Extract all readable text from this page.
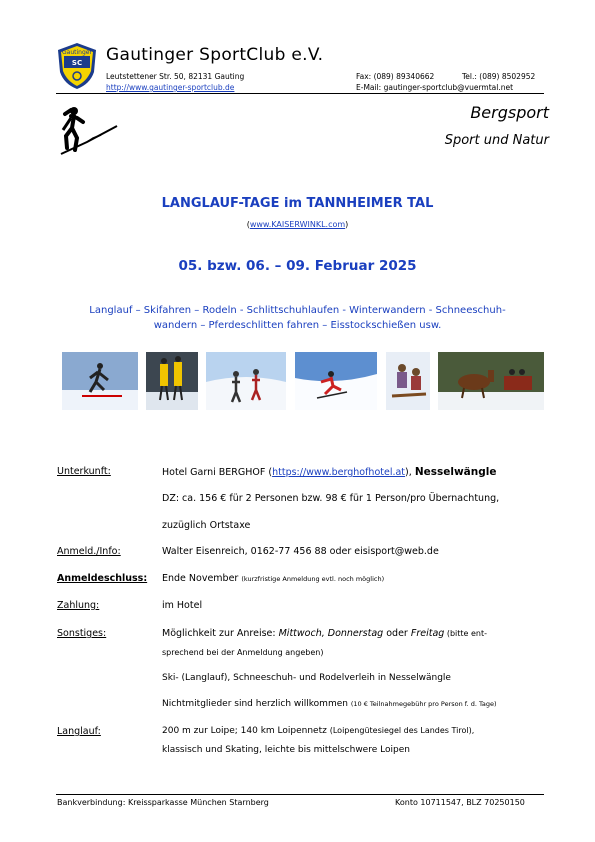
Gautinger
SC Gautinger SportClub e.V.
Leutstettener Str. 50, 82131 Gauting
http://www.gautinger-sportclub.de
Fax: (089) 89340662	Tel.: (089) 8502952
E-Mail: gautinger-sportclub@vuermtal.net
Bergsport
Sport und Natur
LANGLAUF-TAGE im TANNHEIMER TAL
(www.KAISERWINKL.com)
05. bzw. 06. – 09. Februar 2025
Langlauf – Skifahren – Rodeln - Schlittschuhlaufen - Winterwandern - Schneeschuh-
wandern – Pferdeschlitten fahren – Eisstockschießen usw.
Unterkunft:	Hotel Garni BERGHOF (https://www.berghofhotel.at), Nesselwängle
DZ: ca. 156 € für 2 Personen bzw. 98 € für 1 Person/pro Übernachtung,
zuzüglich Ortstaxe
Anmeld./Info:	Walter Eisenreich, 0162-77 456 88 oder eisisport@web.de
Anmeldeschluss: Ende November (kurzfristige Anmeldung evtl. noch möglich)
Zahlung:	im Hotel
Sonstiges:	Möglichkeit zur Anreise: Mittwoch, Donnerstag oder Freitag (bitte ent-
sprechend bei der Anmeldung angeben)
Ski- (Langlauf), Schneeschuh- und Rodelverleih in Nesselwängle
Nichtmitglieder sind herzlich willkommen (10 € Teilnahmegebühr pro Person f. d. Tage)
Langlauf:	200 m zur Loipe; 140 km Loipennetz (Loipengütesiegel des Landes Tirol),
klassisch und Skating, leichte bis mittelschwere Loipen
Bankverbindung: Kreissparkasse München Starnberg	Konto 10711547, BLZ 70250150
